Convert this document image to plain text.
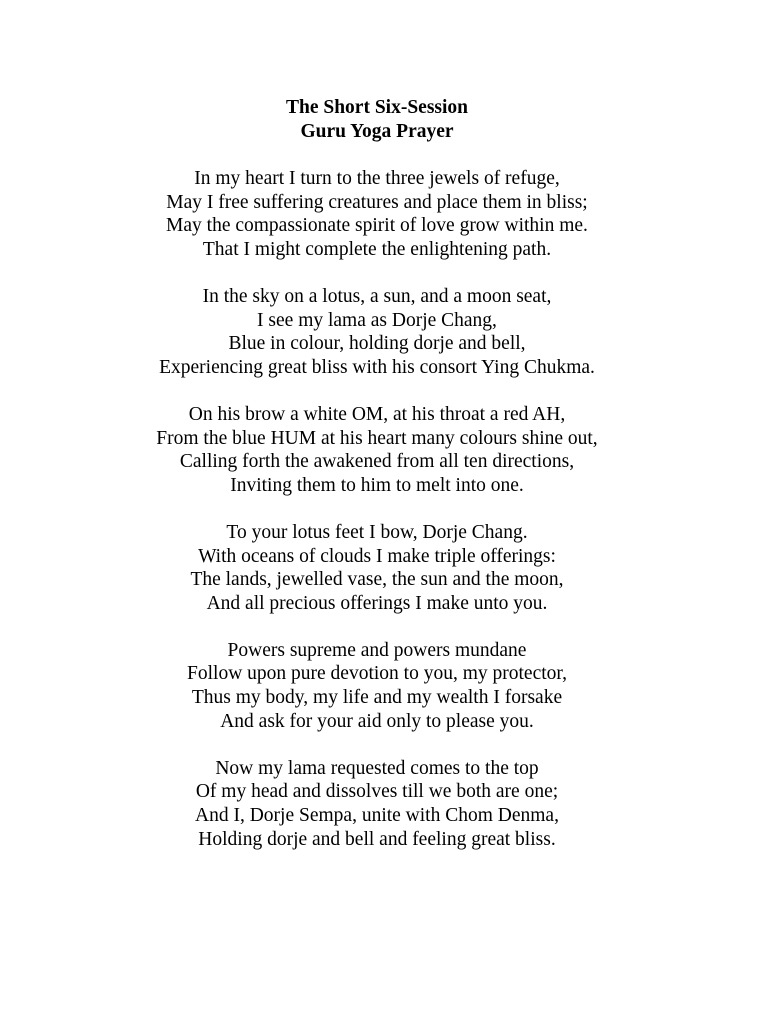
The Short Six-Session
Guru Yoga Prayer
In my heart I turn to the three jewels of refuge,
May I free suffering creatures and place them in bliss;
May the compassionate spirit of love grow within me.
That I might complete the enlightening path.
In the sky on a lotus, a sun, and a moon seat,
I see my lama as Dorje Chang,
Blue in colour, holding dorje and bell,
Experiencing great bliss with his consort Ying Chukma.
On his brow a white OM, at his throat a red AH,
From the blue HUM at his heart many colours shine out,
Calling forth the awakened from all ten directions,
Inviting them to him to melt into one.
To your lotus feet I bow, Dorje Chang.
With oceans of clouds I make triple offerings:
The lands, jewelled vase, the sun and the moon,
And all precious offerings I make unto you.
Powers supreme and powers mundane
Follow upon pure devotion to you, my protector,
Thus my body, my life and my wealth I forsake
And ask for your aid only to please you.
Now my lama requested comes to the top
Of my head and dissolves till we both are one;
And I, Dorje Sempa, unite with Chom Denma,
Holding dorje and bell and feeling great bliss.
